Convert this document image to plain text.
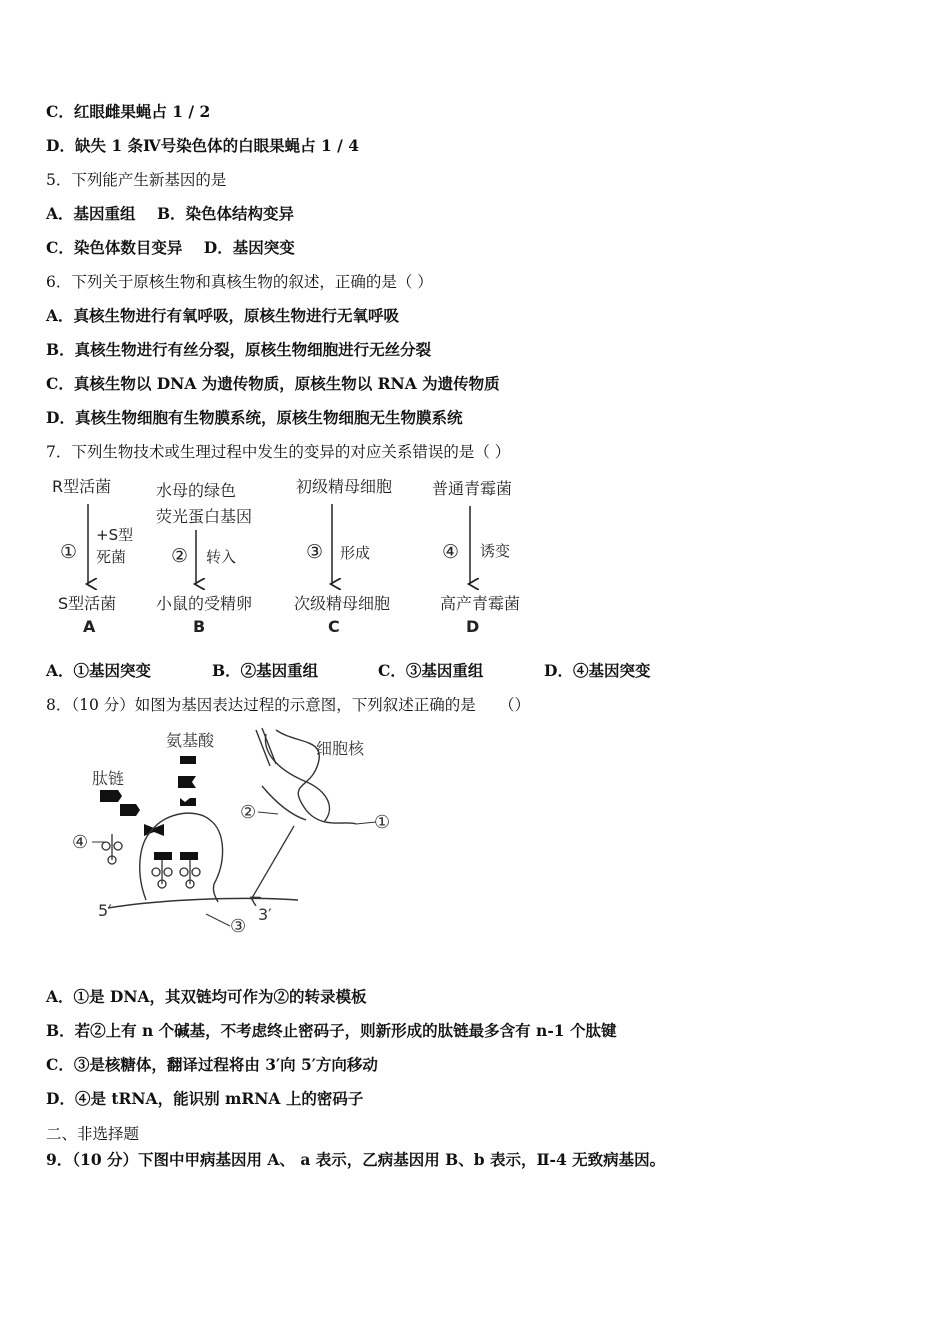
C．红眼雌果蝇占 1 / 2
D．缺失 1 条Ⅳ号染色体的白眼果蝇占 1 / 4
5．下列能产生新基因的是
A．基因重组 B．染色体结构变异
C．染色体数目变异 D．基因突变
6．下列关于原核生物和真核生物的叙述，正确的是（ ）
A．真核生物进行有氧呼吸，原核生物进行无氧呼吸
B．真核生物进行有丝分裂，原核生物细胞进行无丝分裂
C．真核生物以 DNA 为遗传物质，原核生物以 RNA 为遗传物质
D．真核生物细胞有生物膜系统，原核生物细胞无生物膜系统
7．下列生物技术或生理过程中发生的变异的对应关系错误的是（ ）
R型活菌
①
+S型
死菌
S型活菌
A
水母的绿色
荧光蛋白基因
② 转入
小鼠的受精卵
B
初级精母细胞
③ 形成
次级精母细胞
C
普通青霉菌
④ 诱变
高产青霉菌
D
A．①基因突变	B．②基因重组	C．③基因重组	D．④基因突变
8．（10 分）如图为基因表达过程的示意图，下列叙述正确的是　　（）
氨基酸
肽链
细胞核
5′	3′
②	①
③
④
A．①是 DNA，其双链均可作为②的转录模板
B．若②上有 n 个碱基，不考虑终止密码子，则新形成的肽链最多含有 n-1 个肽键
C．③是核糖体，翻译过程将由 3′向 5′方向移动
D．④是 tRNA，能识别 mRNA 上的密码子
二、非选择题
9．（10 分）下图中甲病基因用 A、 a 表示，乙病基因用 B、b 表示，Ⅱ-4 无致病基因。
